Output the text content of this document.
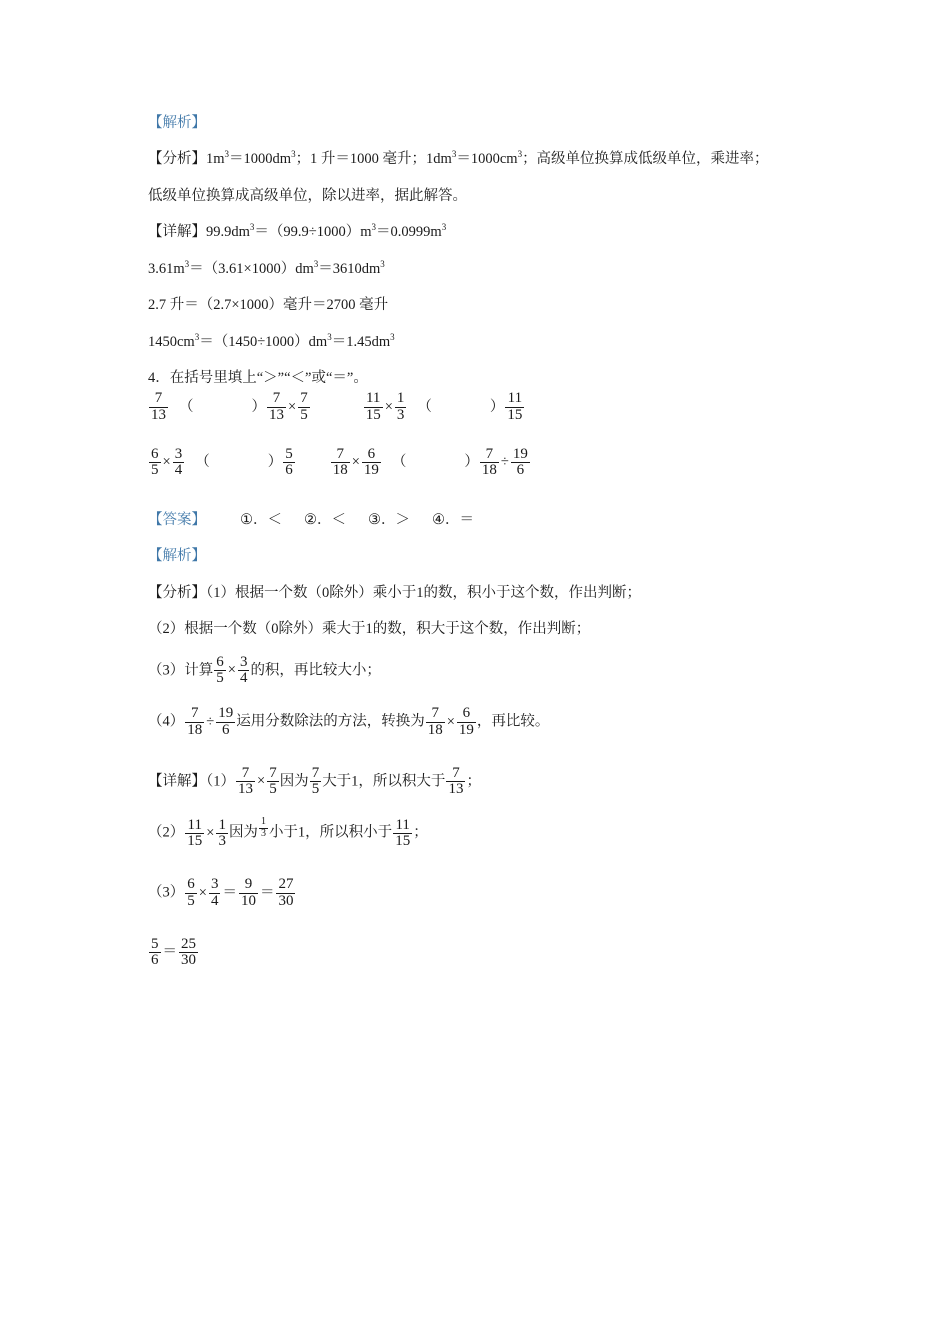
【解析】
【分析】$1m^3=1000dm^3$；1 升＝1000 毫升；$1dm^3=1000cm^3$；高级单位换算成低级单位，乘进率；
低级单位换算成高级单位，除以进率，据此解答。
【详解】$99.9dm^3=(99.9\div 1000)m^3=0.0999m^3$
$3.61m^3=(3.61\times 1000)dm^3=3610dm^3$
2.7 升＝（2.7×1000）毫升＝2700 毫升
$1450cm^3=(1450\div 1000)dm^3=1.45dm^3$
4．在括号里填上“＞”“＜”或“＝”。
$\frac{7}{13}$ （	） $\frac{7}{13} \times \frac{7}{5}$	$\frac{11}{15} \times \frac{1}{3}$ （	） $\frac{11}{15}$
$\frac{6}{5} \times \frac{3}{4}$ （	） $\frac{5}{6} \frac{7}{18} \times \frac{6}{19}$ （	） $\frac{7}{18} \div \frac{19}{6}$
【答案】 ①．＜ ②．＜ ③．＞ ④．＝
【解析】
【分析】（1）根据一个数（0除外）乘小于1的数，积小于这个数，作出判断；
（2）根据一个数（0除外）乘大于1的数，积大于这个数，作出判断；
（3）计算 $\frac{6}{5} \times \frac{3}{4}$ 的积，再比较大小；
$(4) \frac{7}{18} \div \frac{19}{6}$ 运用分数除法的方法，转换为 $\frac{7}{18} \times \frac{6}{19}$ ，再比较。
【详解】$(1) \frac{7}{13} \times \frac{7}{5}$ 因为 $\frac{7}{5}$ 大于1，所以积大于 $\frac{7}{13}$ ；
$(2) \frac{11}{15} \times \frac{1}{3}$ 因为 $\frac{1}{3}$ 小于1，所以积小于 $\frac{11}{15}$ ；
$(3) \frac{6}{5} \times \frac{3}{4} = \frac{9}{10} = \frac{27}{30}$
$\frac{5}{6} = \frac{25}{30}$
